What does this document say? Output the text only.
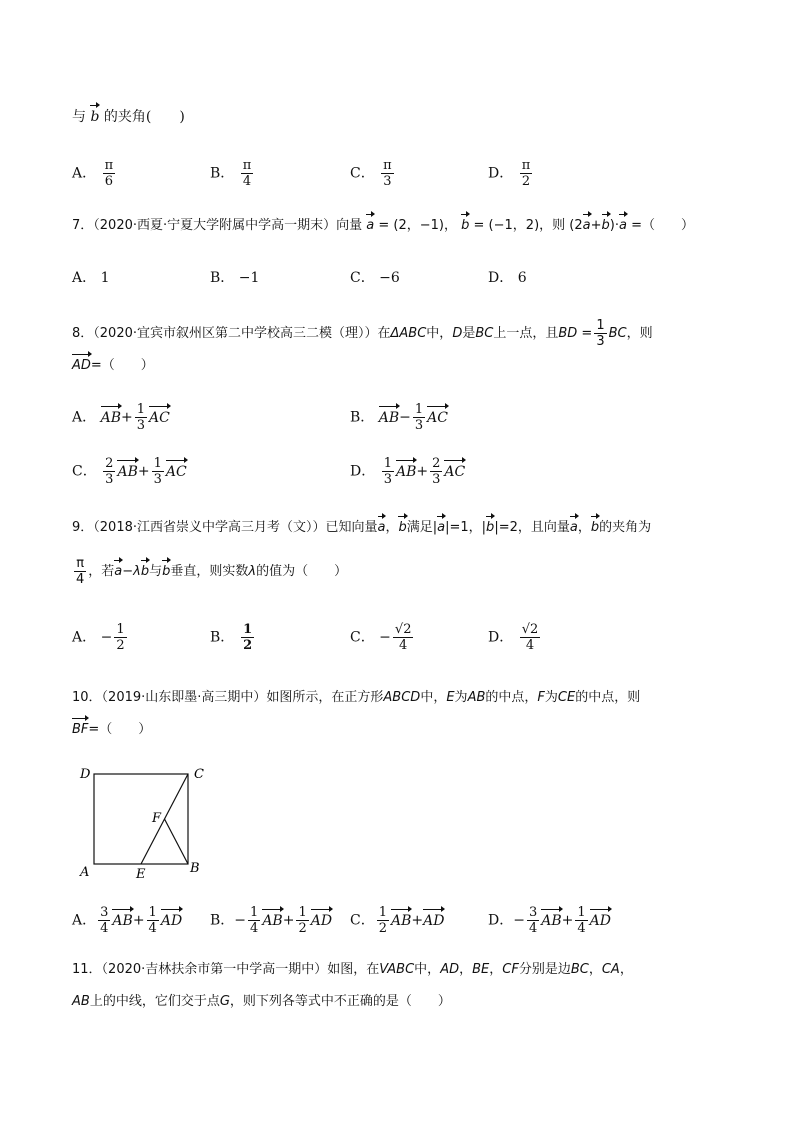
与 b 的夹角( )
A． $\frac{\pi}{6}$	B． $\frac{\pi}{4}$	C． $\frac{\pi}{3}$	D． $\frac{\pi}{2}$
7．（2020·西夏·宁夏大学附属中学高一期末）向量 a = (2，−1)， b = (−1，2)，则 (2a+b)·a =（　　）
A． 1	B． −1	C． −6	D． 6
8．（2020·宜宾市叙州区第二中学校高三二模（理））在ΔABC中，D是BC上一点，且BD = $\frac{1}{3}$ BC，则
AD=（　　）
A． $AB+ \frac{1}{3}$ AC	B． $AB- \frac{1}{3}$ AC
C． $\frac{2}{3} AB+ \frac{1}{3}$ AC	D． $\frac{1}{3} AB+ \frac{2}{3}$ AC
9．（2018·江西省崇义中学高三月考（文））已知向量a，b满足|a|=1，|b|=2，且向量a，b的夹角为
$\frac{\pi}{4}$ ，若a−λb与b垂直，则实数λ的值为（　　）
A． − $\frac{1}{2}$	B． $\frac{1}{2}$	C． − $\frac{√2}{4}$	D． $\frac{√2}{4}$
10．（2019·山东即墨·高三期中）如图所示，在正方形ABCD中，E为AB的中点，F为CE的中点，则
BF=（　　）
D	C
F
A	E	B
A． $\frac{3}{4} AB+ \frac{1}{4}$ AD B．− $\frac{1}{4} AB+ \frac{1}{2}$ AD C． $\frac{1}{2} AB+AD$	D．− $\frac{3}{4} AB+ \frac{1}{4}$ AD
11．（2020·吉林扶余市第一中学高一期中）如图，在VABC中，AD，BE，CF分别是边BC，CA，
AB上的中线，它们交于点G，则下列各等式中不正确的是（　　）
